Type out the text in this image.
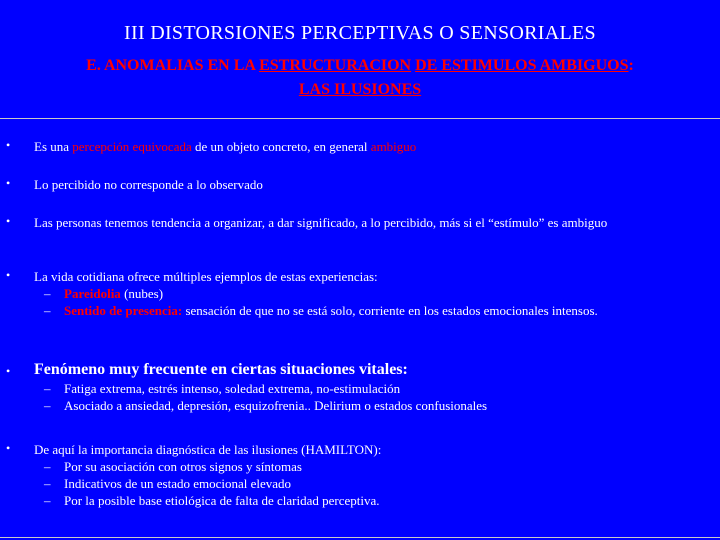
III DISTORSIONES PERCEPTIVAS O SENSORIALES
E. ANOMALIAS EN LA ESTRUCTURACION DE ESTIMULOS AMBIGUOS:
LAS ILUSIONES
•	Es una percepción equivocada de un objeto concreto, en general ambiguo
•	Lo percibido no corresponde a lo observado
•	Las personas tenemos tendencia a organizar, a dar significado, a lo percibido, más si el “estímulo” es ambiguo
•	La vida cotidiana ofrece múltiples ejemplos de estas experiencias:
– Pareidolia (nubes)
– Sentido de presencia: sensación de que no se está solo, corriente en los estados emocionales intensos.
•	Fenómeno muy frecuente en ciertas situaciones vitales:
– Fatiga extrema, estrés intenso, soledad extrema, no-estimulación
– Asociado a ansiedad, depresión, esquizofrenia.. Delirium o estados confusionales
•	De aquí la importancia diagnóstica de las ilusiones (HAMILTON):
– Por su asociación con otros signos y síntomas
– Indicativos de un estado emocional elevado
– Por la posible base etiológica de falta de claridad perceptiva.
